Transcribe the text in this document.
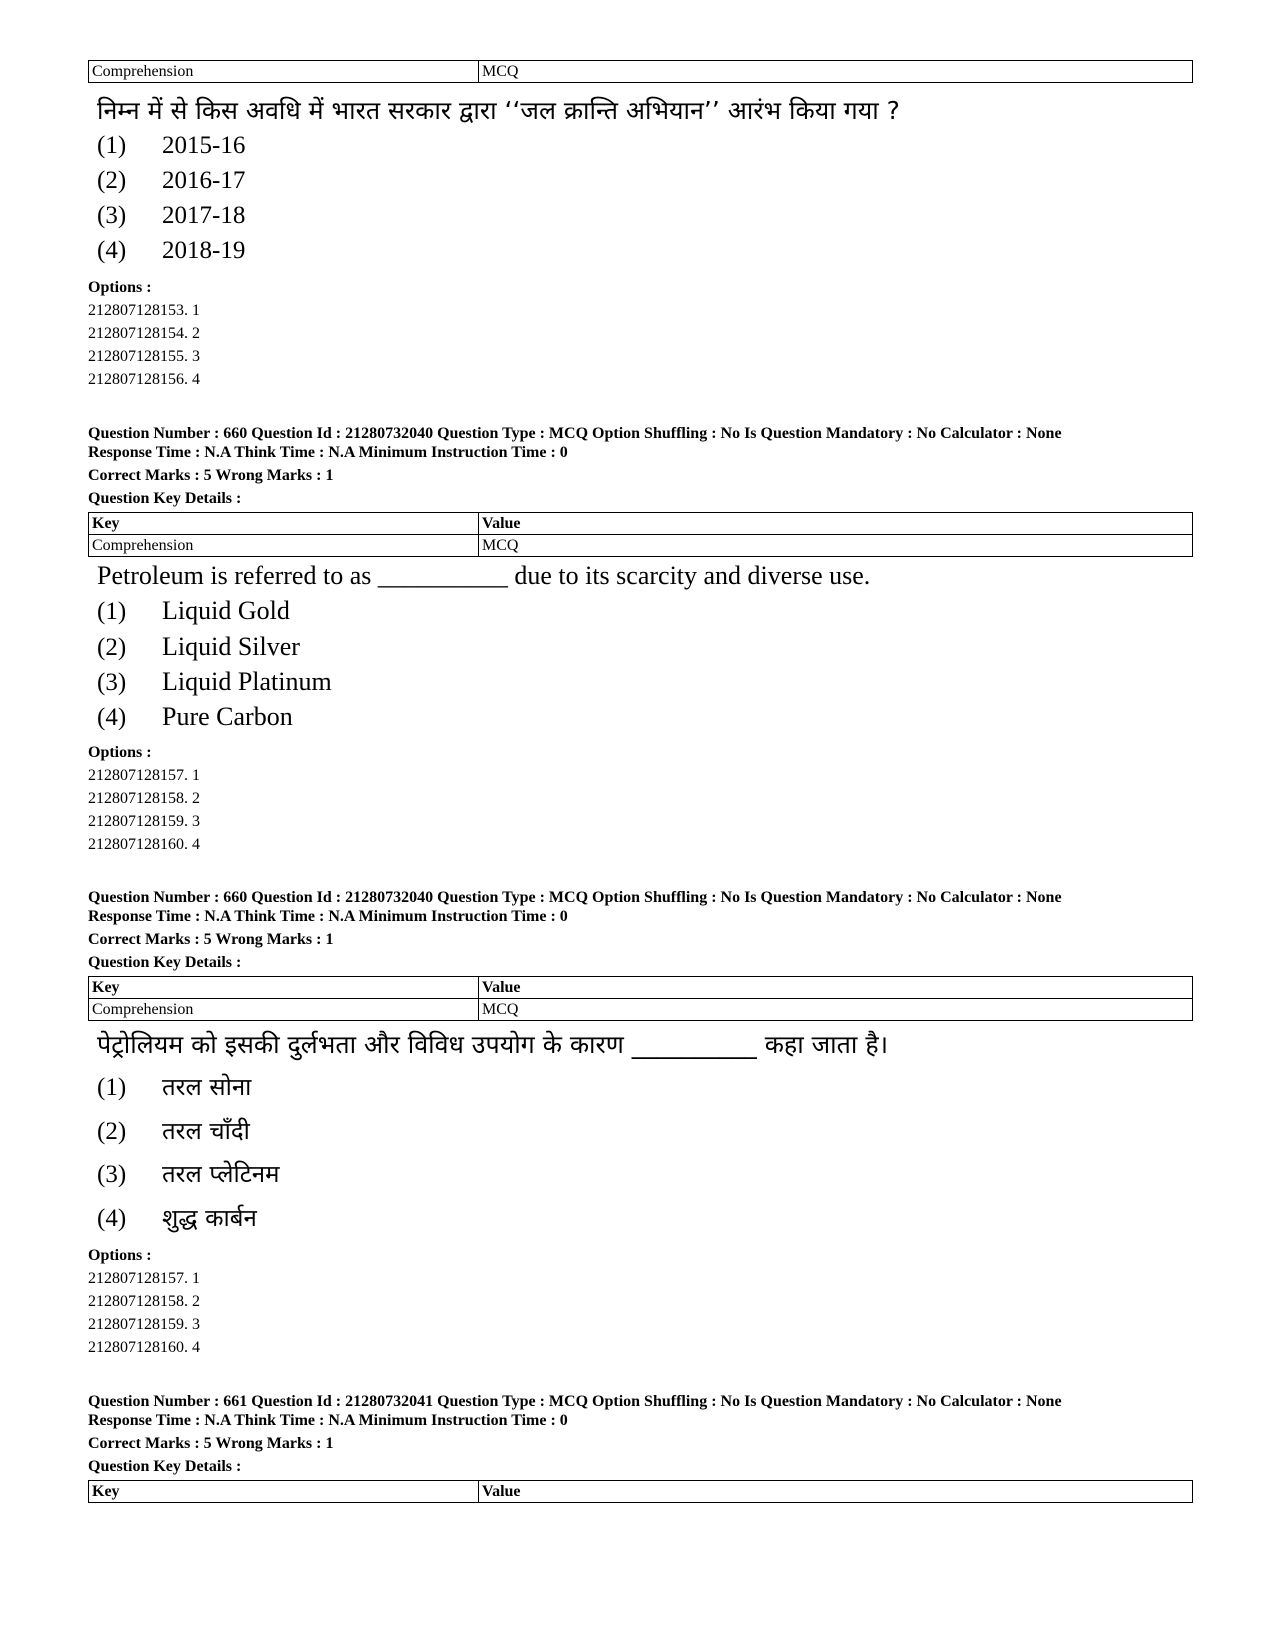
Comprehension	MCQ
निम्न में से किस अवधि में भारत सरकार द्वारा ‘‘जल क्रान्ति अभियान’’ आरंभ किया गया ?
(1) 2015-16
(2) 2016-17
(3) 2017-18
(4) 2018-19
Options :
212807128153. 1
212807128154. 2
212807128155. 3
212807128156. 4
Question Number : 660 Question Id : 21280732040 Question Type : MCQ Option Shuffling : No Is Question Mandatory : No Calculator : None
Response Time : N.A Think Time : N.A Minimum Instruction Time : 0
Correct Marks : 5 Wrong Marks : 1
Question Key Details :
Key	Value
Comprehension	MCQ
Petroleum is referred to as __________ due to its scarcity and diverse use.
(1) Liquid Gold
(2) Liquid Silver
(3) Liquid Platinum
(4) Pure Carbon
Options :
212807128157. 1
212807128158. 2
212807128159. 3
212807128160. 4
Question Number : 660 Question Id : 21280732040 Question Type : MCQ Option Shuffling : No Is Question Mandatory : No Calculator : None
Response Time : N.A Think Time : N.A Minimum Instruction Time : 0
Correct Marks : 5 Wrong Marks : 1
Question Key Details :
Key	Value
Comprehension	MCQ
पेट्रोलियम को इसकी दुर्लभता और विविध उपयोग के कारण __________ कहा जाता है।
(1) तरल सोना
(2) तरल चाँदी
(3) तरल प्लेटिनम
(4) शुद्ध कार्बन
Options :
212807128157. 1
212807128158. 2
212807128159. 3
212807128160. 4
Question Number : 661 Question Id : 21280732041 Question Type : MCQ Option Shuffling : No Is Question Mandatory : No Calculator : None
Response Time : N.A Think Time : N.A Minimum Instruction Time : 0
Correct Marks : 5 Wrong Marks : 1
Question Key Details :
Key	Value
